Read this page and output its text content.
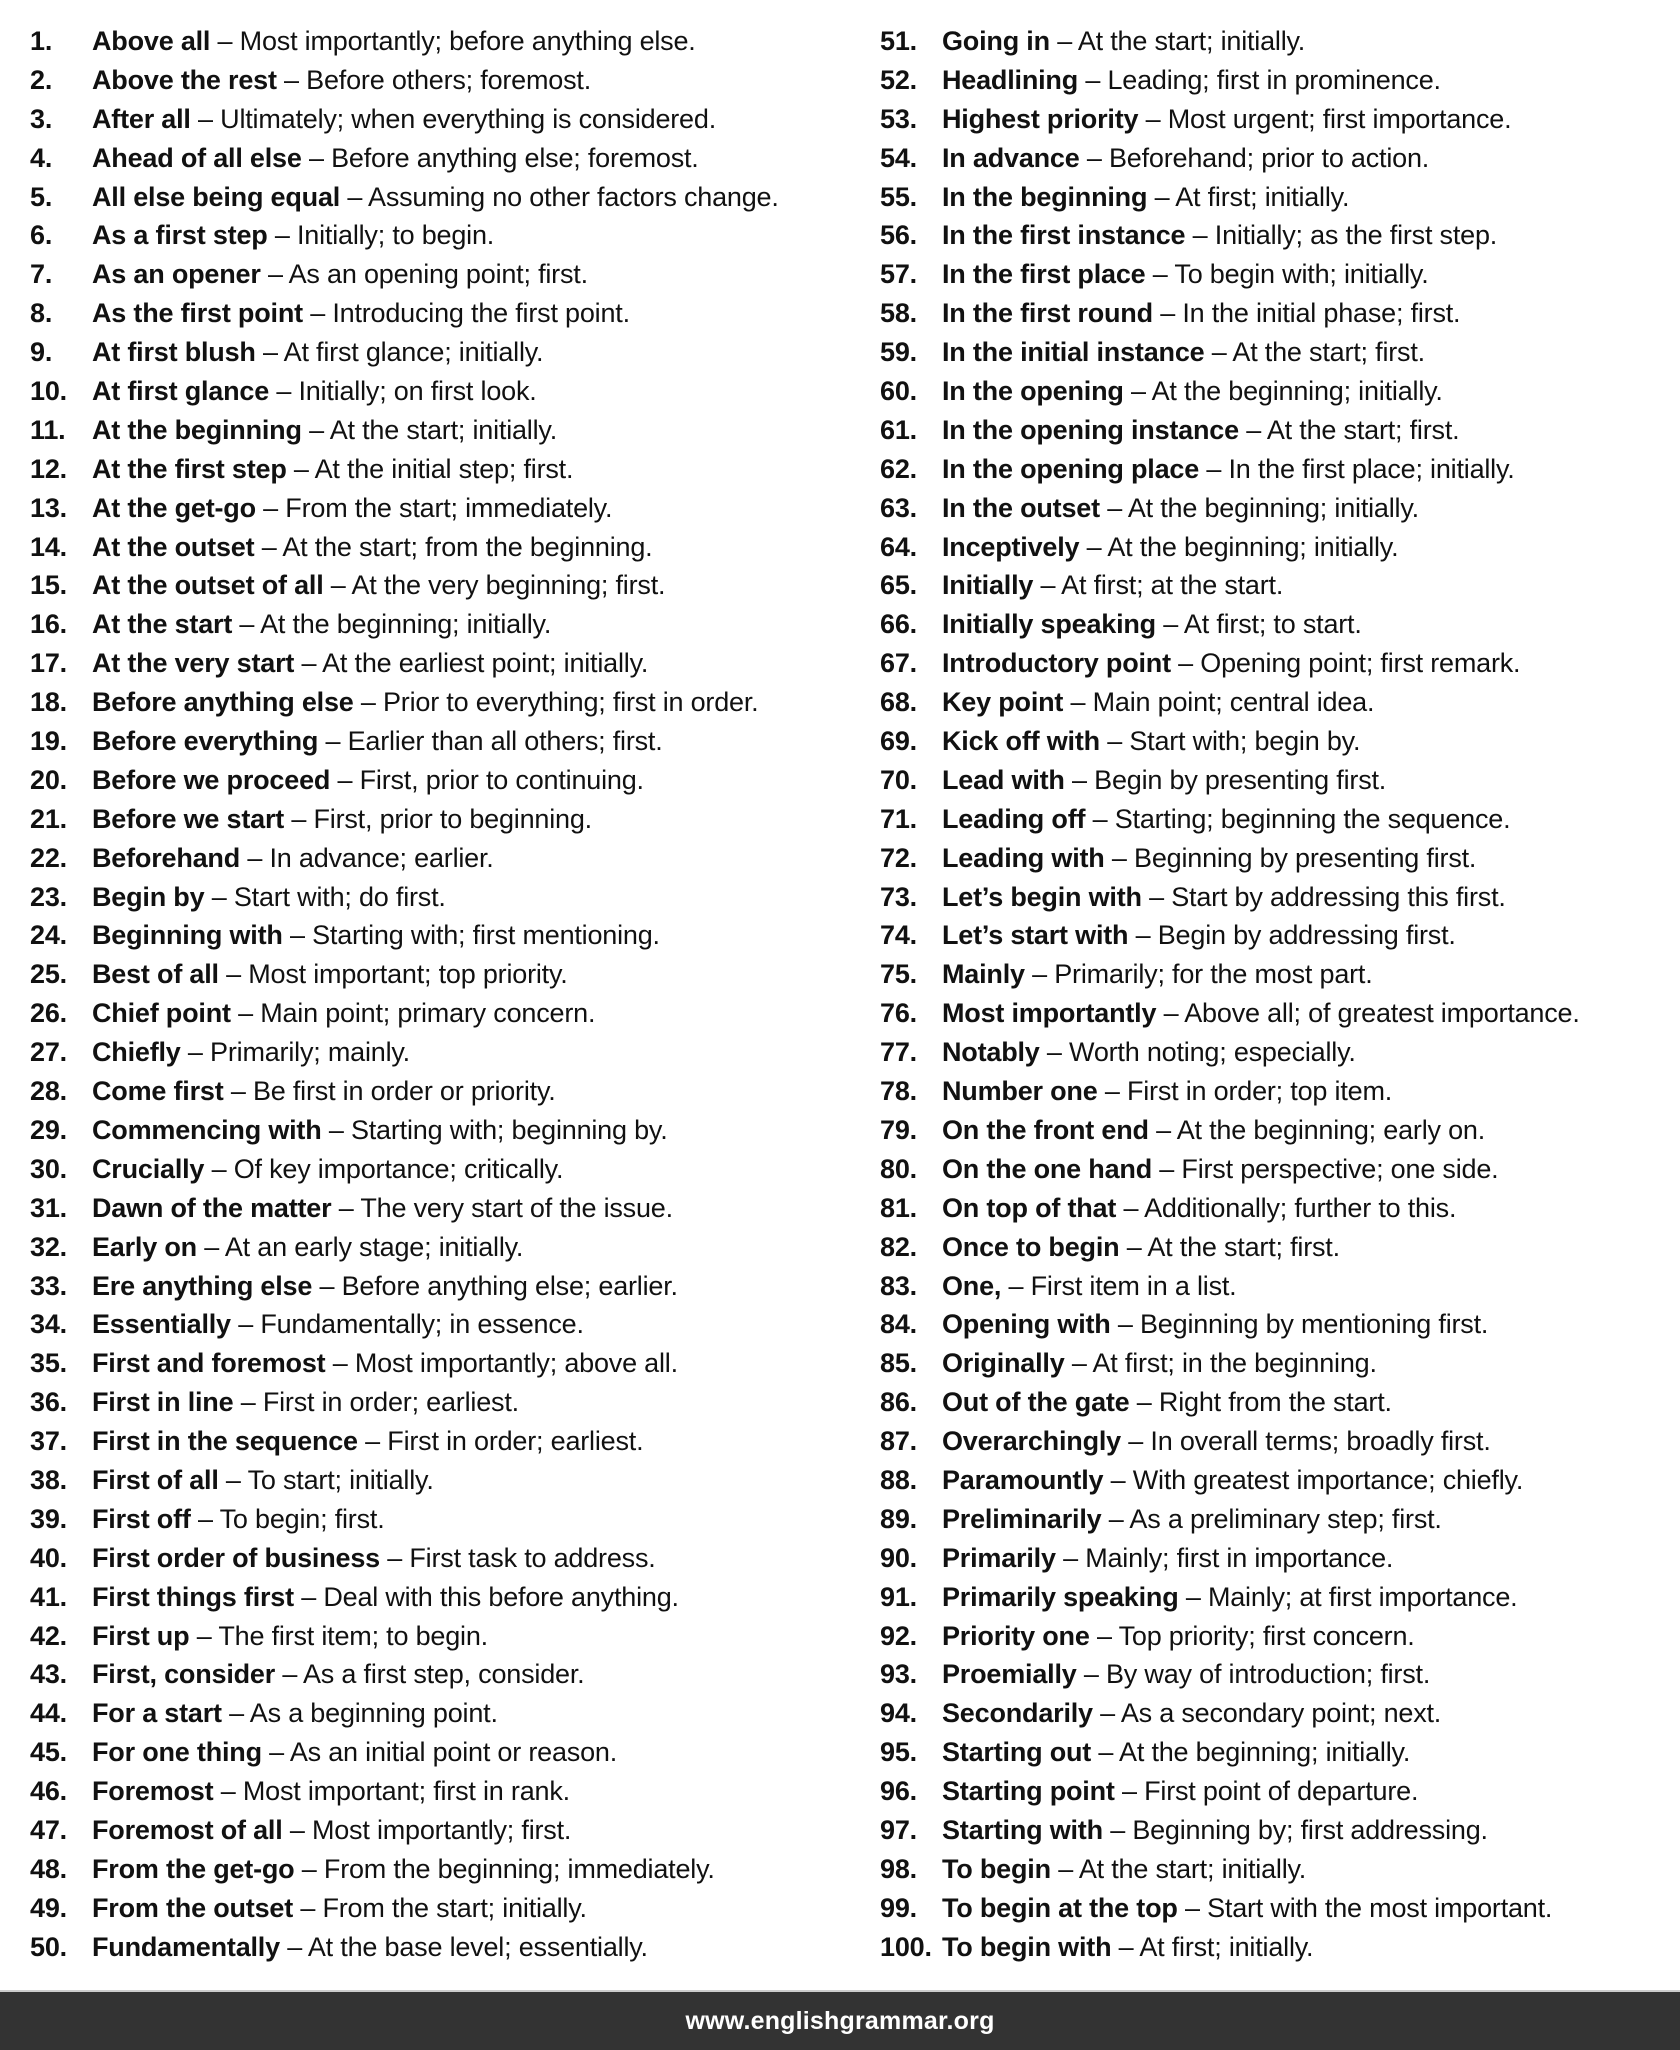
1.	Above all – Most importantly; before anything else.
2.	Above the rest – Before others; foremost.
3.	After all – Ultimately; when everything is considered.
4.	Ahead of all else – Before anything else; foremost.
5.	All else being equal – Assuming no other factors change.
6.	As a first step – Initially; to begin.
7.	As an opener – As an opening point; first.
8.	As the first point – Introducing the first point.
9.	At first blush – At first glance; initially.
10. At first glance – Initially; on first look.
11. At the beginning – At the start; initially.
12. At the first step – At the initial step; first.
13. At the get-go – From the start; immediately.
14. At the outset – At the start; from the beginning.
15. At the outset of all – At the very beginning; first.
16. At the start – At the beginning; initially.
17. At the very start – At the earliest point; initially.
18. Before anything else – Prior to everything; first in order.
19. Before everything – Earlier than all others; first.
20. Before we proceed – First, prior to continuing.
21. Before we start – First, prior to beginning.
22. Beforehand – In advance; earlier.
23. Begin by – Start with; do first.
24. Beginning with – Starting with; first mentioning.
25. Best of all – Most important; top priority.
26. Chief point – Main point; primary concern.
27. Chiefly – Primarily; mainly.
28. Come first – Be first in order or priority.
29. Commencing with – Starting with; beginning by.
30. Crucially – Of key importance; critically.
31. Dawn of the matter – The very start of the issue.
32. Early on – At an early stage; initially.
33. Ere anything else – Before anything else; earlier.
34. Essentially – Fundamentally; in essence.
35. First and foremost – Most importantly; above all.
36. First in line – First in order; earliest.
37. First in the sequence – First in order; earliest.
38. First of all – To start; initially.
39. First off – To begin; first.
40. First order of business – First task to address.
41. First things first – Deal with this before anything.
42. First up – The first item; to begin.
43. First, consider – As a first step, consider.
44. For a start – As a beginning point.
45. For one thing – As an initial point or reason.
46. Foremost – Most important; first in rank.
47. Foremost of all – Most importantly; first.
48. From the get-go – From the beginning; immediately.
49. From the outset – From the start; initially.
50. Fundamentally – At the base level; essentially.
51. Going in – At the start; initially.
52. Headlining – Leading; first in prominence.
53. Highest priority – Most urgent; first importance.
54. In advance – Beforehand; prior to action.
55. In the beginning – At first; initially.
56. In the first instance – Initially; as the first step.
57. In the first place – To begin with; initially.
58. In the first round – In the initial phase; first.
59. In the initial instance – At the start; first.
60. In the opening – At the beginning; initially.
61. In the opening instance – At the start; first.
62. In the opening place – In the first place; initially.
63. In the outset – At the beginning; initially.
64. Inceptively – At the beginning; initially.
65. Initially – At first; at the start.
66. Initially speaking – At first; to start.
67. Introductory point – Opening point; first remark.
68. Key point – Main point; central idea.
69. Kick off with – Start with; begin by.
70. Lead with – Begin by presenting first.
71. Leading off – Starting; beginning the sequence.
72. Leading with – Beginning by presenting first.
73. Let’s begin with – Start by addressing this first.
74. Let’s start with – Begin by addressing first.
75. Mainly – Primarily; for the most part.
76. Most importantly – Above all; of greatest importance.
77. Notably – Worth noting; especially.
78. Number one – First in order; top item.
79. On the front end – At the beginning; early on.
80. On the one hand – First perspective; one side.
81. On top of that – Additionally; further to this.
82. Once to begin – At the start; first.
83. One, – First item in a list.
84. Opening with – Beginning by mentioning first.
85. Originally – At first; in the beginning.
86. Out of the gate – Right from the start.
87. Overarchingly – In overall terms; broadly first.
88. Paramountly – With greatest importance; chiefly.
89. Preliminarily – As a preliminary step; first.
90. Primarily – Mainly; first in importance.
91. Primarily speaking – Mainly; at first importance.
92. Priority one – Top priority; first concern.
93. Proemially – By way of introduction; first.
94. Secondarily – As a secondary point; next.
95. Starting out – At the beginning; initially.
96. Starting point – First point of departure.
97. Starting with – Beginning by; first addressing.
98. To begin – At the start; initially.
99. To begin at the top – Start with the most important.
100. To begin with – At first; initially.
www.englishgrammar.org
